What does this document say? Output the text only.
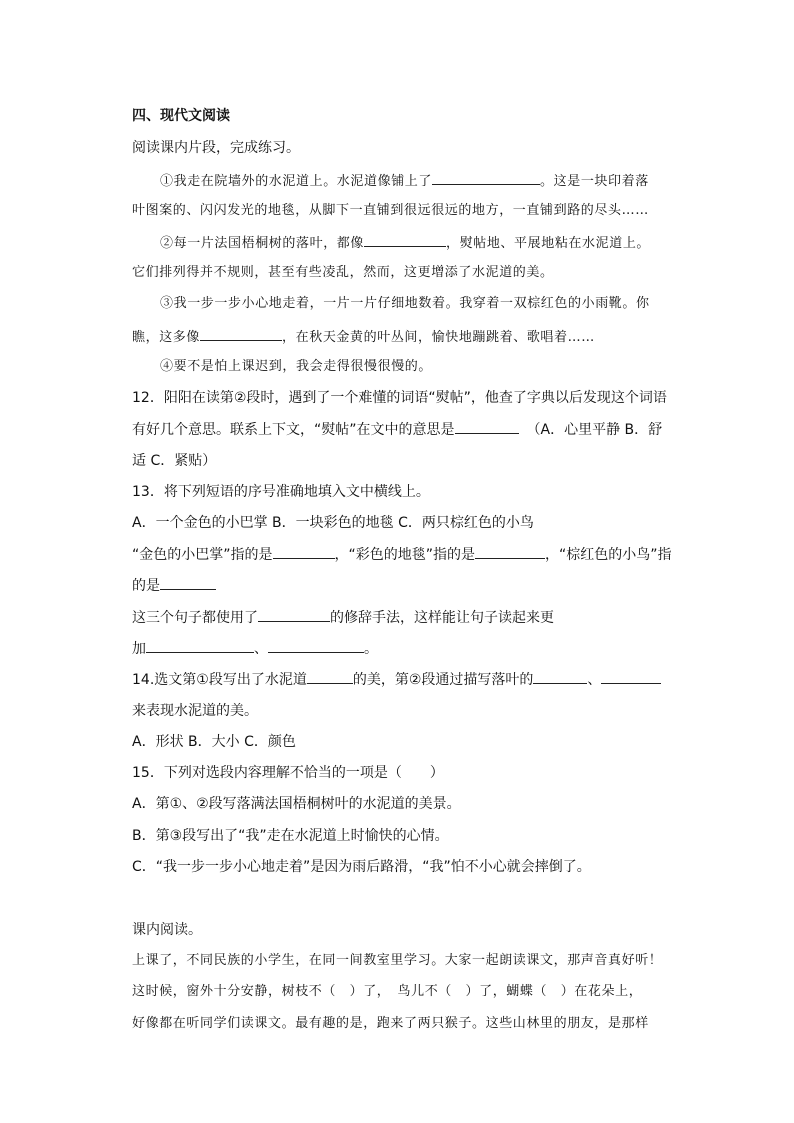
四、现代文阅读
阅读课内片段，完成练习。
①我走在院墙外的水泥道上。水泥道像铺上了	。这是一块印着落
叶图案的、闪闪发光的地毯，从脚下一直铺到很远很远的地方，一直铺到路的尽头……
②每一片法国梧桐树的落叶，都像	，熨帖地、平展地粘在水泥道上。
它们排列得并不规则，甚至有些凌乱，然而，这更增添了水泥道的美。
③我一步一步小心地走着，一片一片仔细地数着。我穿着一双棕红色的小雨靴。你
瞧，这多像	，在秋天金黄的叶丛间，愉快地蹦跳着、歌唱着……
④要不是怕上课迟到，我会走得很慢很慢的。
12．阳阳在读第②段时，遇到了一个难懂的词语“熨帖”，他查了字典以后发现这个词语
有好几个意思。联系上下文，“熨帖”在文中的意思是	（A．心里平静 B．舒
适 C．紧贴）
13．将下列短语的序号准确地填入文中横线上。
A．一个金色的小巴掌 B．一块彩色的地毯 C．两只棕红色的小鸟
“金色的小巴掌”指的是	，“彩色的地毯”指的是	，“棕红色的小鸟”指
的是
这三个句子都使用了	的修辞手法，这样能让句子读起来更
加	、	。
14.选文第①段写出了水泥道	的美，第②段通过描写落叶的	、
来表现水泥道的美。
A．形状 B．大小 C．颜色
15．下列对选段内容理解不恰当的一项是（　　）
A．第①、②段写落满法国梧桐树叶的水泥道的美景。
B．第③段写出了“我”走在水泥道上时愉快的心情。
C．“我一步一步小心地走着”是因为雨后路滑，“我”怕不小心就会摔倒了。
课内阅读。
上课了，不同民族的小学生，在同一间教室里学习。大家一起朗读课文，那声音真好听！
这时候，窗外十分安静，树枝不（　）了，　鸟儿不（　）了，蝴蝶（　）在花朵上，
好像都在听同学们读课文。最有趣的是，跑来了两只猴子。这些山林里的朋友，是那样
